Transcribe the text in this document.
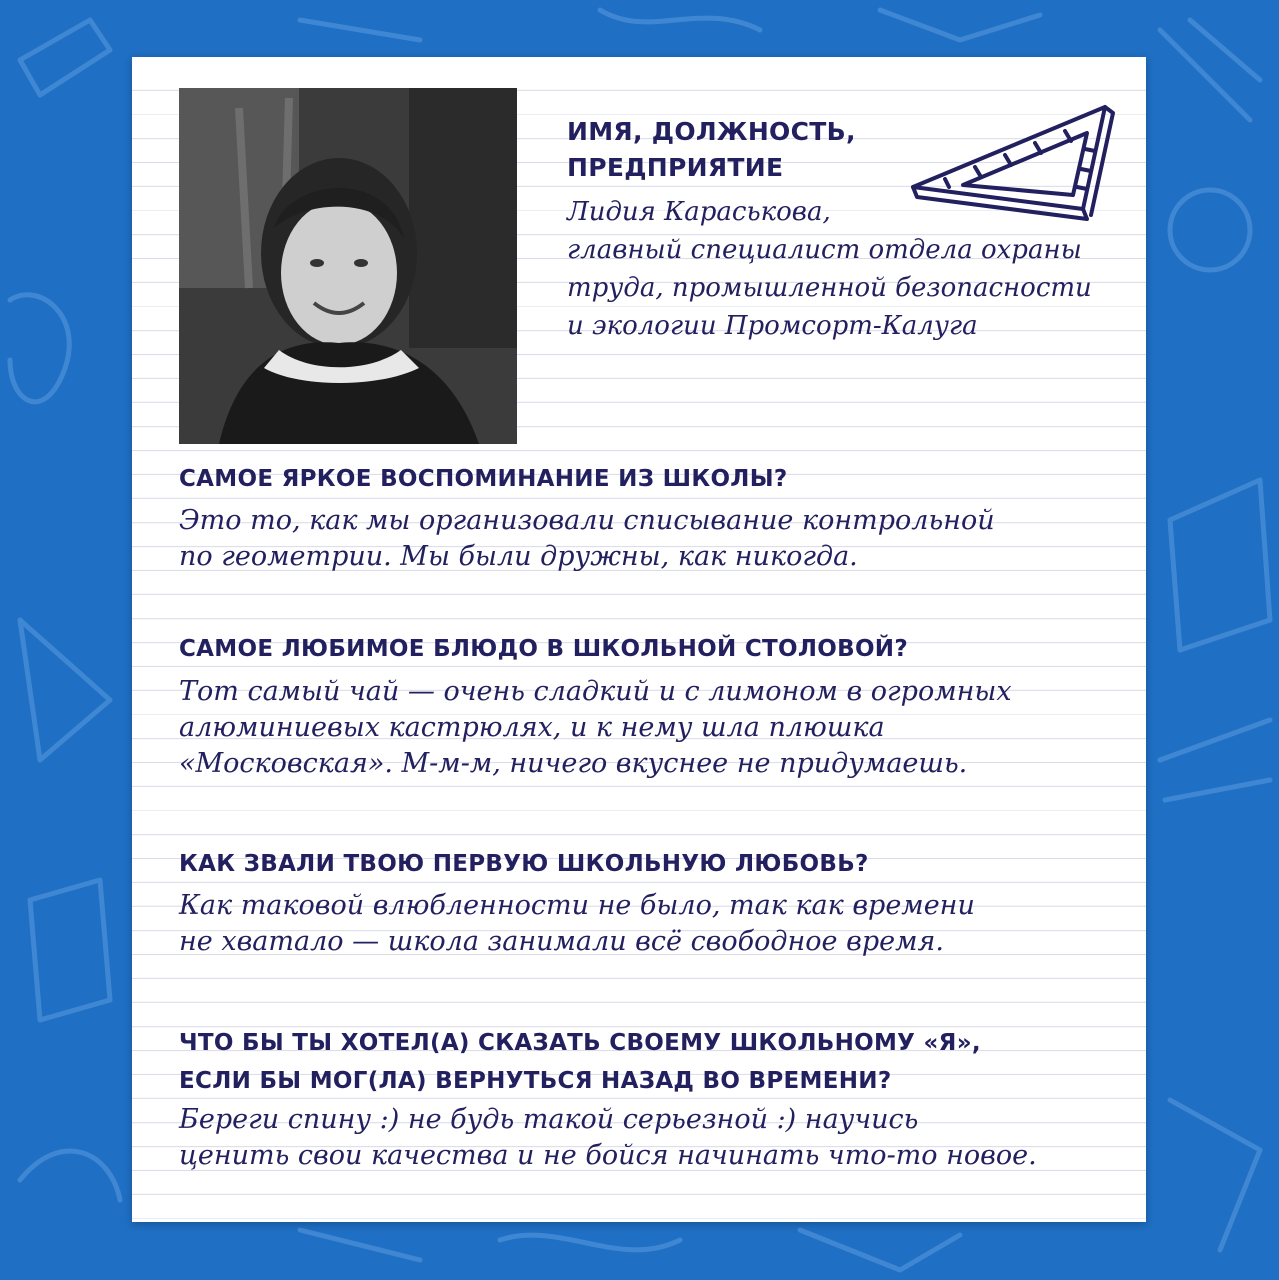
ИМЯ, ДОЛЖНОСТЬ,
ПРЕДПРИЯТИЕ
Лидия Караськова,
главный специалист отдела охраны
труда, промышленной безопасности
и экологии Промсорт-Калуга
САМОЕ ЯРКОЕ ВОСПОМИНАНИЕ ИЗ ШКОЛЫ?
Это то, как мы организовали списывание контрольной
по геометрии. Мы были дружны, как никогда.
САМОЕ ЛЮБИМОЕ БЛЮДО В ШКОЛЬНОЙ СТОЛОВОЙ?
Тот самый чай — очень сладкий и с лимоном в огромных
алюминиевых кастрюлях, и к нему шла плюшка
«Московская». М-м-м, ничего вкуснее не придумаешь.
КАК ЗВАЛИ ТВОЮ ПЕРВУЮ ШКОЛЬНУЮ ЛЮБОВЬ?
Как таковой влюбленности не было, так как времени
не хватало — школа занимали всё свободное время.
ЧТО БЫ ТЫ ХОТЕЛ(А) СКАЗАТЬ СВОЕМУ ШКОЛЬНОМУ «Я»,
ЕСЛИ БЫ МОГ(ЛА) ВЕРНУТЬСЯ НАЗАД ВО ВРЕМЕНИ?
Береги спину :) не будь такой серьезной :) научись
ценить свои качества и не бойся начинать что-то новое.
